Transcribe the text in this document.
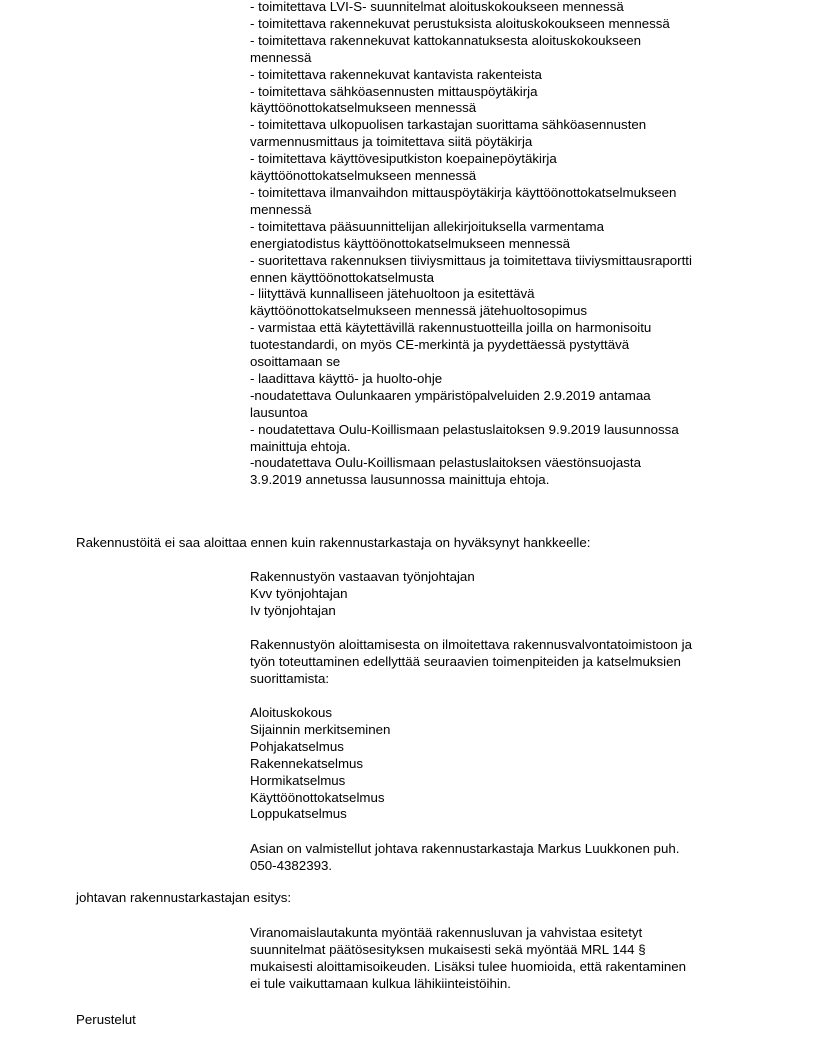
- toimitettava LVI-S- suunnitelmat aloituskokoukseen mennessä
- toimitettava rakennekuvat perustuksista aloituskokoukseen mennessä
- toimitettava rakennekuvat kattokannatuksesta aloituskokoukseen
mennessä
- toimitettava rakennekuvat kantavista rakenteista
- toimitettava sähköasennusten mittauspöytäkirja
käyttöönottokatselmukseen mennessä
- toimitettava ulkopuolisen tarkastajan suorittama sähköasennusten
varmennusmittaus ja toimitettava siitä pöytäkirja
- toimitettava käyttövesiputkiston koepainepöytäkirja
käyttöönottokatselmukseen mennessä
- toimitettava ilmanvaihdon mittauspöytäkirja käyttöönottokatselmukseen
mennessä
- toimitettava pääsuunnittelijan allekirjoituksella varmentama
energiatodistus käyttöönottokatselmukseen mennessä
- suoritettava rakennuksen tiiviysmittaus ja toimitettava tiiviysmittausraportti
ennen käyttöönottokatselmusta
- liitytt​ävä kunnalliseen jätehuoltoon ja esitettävä
käyttöönottokatselmukseen mennessä jätehuoltosopimus
- varmistaa että käytettävillä rakennustuotteilla joilla on harmonisoitu
tuotestandardi, on myös CE-merkintä ja pyydettäessä pystyttävä
osoittamaan se
- laadittava käyttö- ja huolto-ohje
-noudatettava Oulunkaaren ympäristöpalveluiden 2.9.2019 antamaa
lausuntoa
- noudatettava Oulu-Koillismaan pelastuslaitoksen 9.9.2019 lausunnossa
mainittuja ehtoja.
-noudatettava Oulu-Koillismaan pelastuslaitoksen väestönsuojasta
3.9.2019 annetussa lausunnossa mainittuja ehtoja.
Rakennustöitä ei saa aloittaa ennen kuin rakennustarkastaja on hyväksynyt hankkeelle:
Rakennustyön vastaavan työnjohtajan
Kvv työnjohtajan
Iv työnjohtajan
Rakennustyön aloittamisesta on ilmoitettava rakennusvalvontatoimistoon ja
työn toteuttaminen edellyttää seuraavien toimenpiteiden ja katselmuksien
suorittamista:
Aloituskokous
Sijainnin merkitseminen
Pohjakatselmus
Rakennekatselmus
Hormikatselmus
Käyttöönottokatselmus
Loppukatselmus
Asian on valmistellut johtava rakennustarkastaja Markus Luukkonen puh.
050-4382393.
johtavan rakennustarkastajan esitys:
Viranomaislautakunta myöntää rakennusluvan ja vahvistaa esitetyt
suunnitelmat päätösesityksen mukaisesti sekä myöntää MRL 144 §
mukaisesti aloittamisoikeuden. Lisäksi tulee huomioida, että rakentaminen
ei tule vaikuttamaan kulkua lähikiinteistöihin.
Perustelut
